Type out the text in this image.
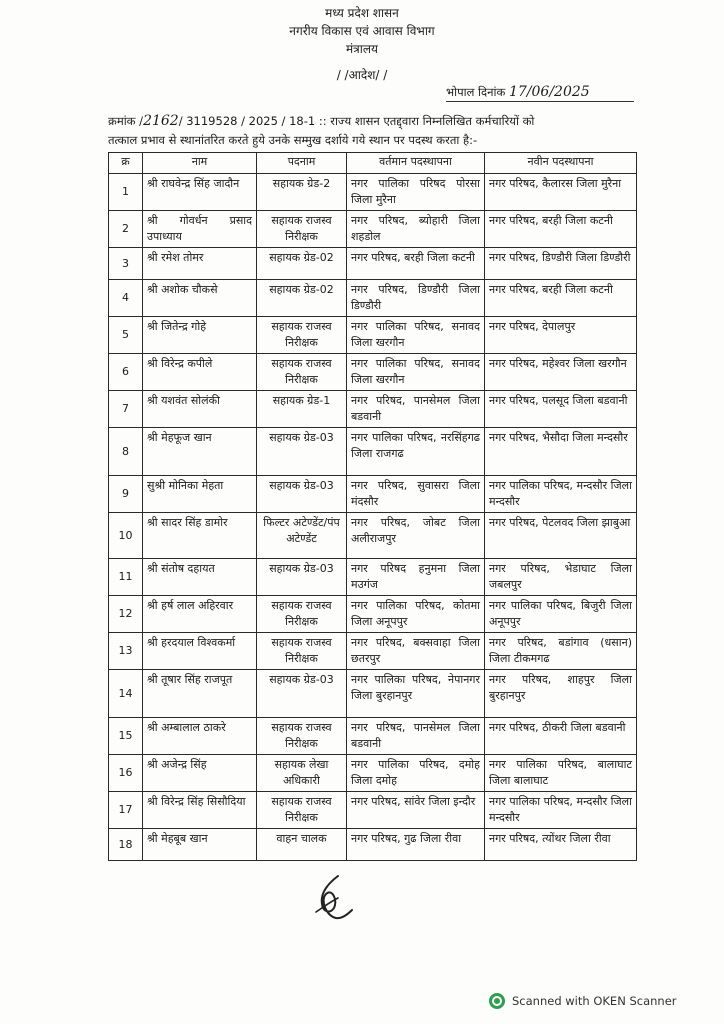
मध्य प्रदेश शासन
नगरीय विकास एवं आवास विभाग
मंत्रालय
/ /आदेश/ /
भोपाल दिनांक 17/06/2025
क्रमांक /2162/ 3119528 / 2025 / 18-1 :: राज्य शासन एतद्द्वारा निम्नलिखित कर्मचारियों को
तत्काल प्रभाव से स्थानांतरित करते हुये उनके सम्मुख दर्शाये गये स्थान पर पदस्थ करता है:-
क्र	नाम	पदनाम	वर्तमान पदस्थापना	नवीन पदस्थापना
1	श्री राघवेन्द्र सिंह जादौन	सहायक ग्रेड-2	नगर पालिका परिषद पोरसा जिला मुरैना	नगर परिषद, कैलारस जिला मुरैना
2	श्री गोवर्धन प्रसाद उपाध्याय	सहायक राजस्व निरीक्षक	नगर परिषद, ब्योहारी जिला शहडोल	नगर परिषद, बरही जिला कटनी
3	श्री रमेश तोमर	सहायक ग्रेड-02	नगर परिषद, बरही जिला कटनी	नगर परिषद, डिण्डौरी जिला डिण्डौरी
4	श्री अशोक चौकसे	सहायक ग्रेड-02	नगर परिषद, डिण्डौरी जिला डिण्डौरी	नगर परिषद, बरही जिला कटनी
5	श्री जितेन्द्र गोहे	सहायक राजस्व निरीक्षक	नगर पालिका परिषद, सनावद जिला खरगौन	नगर परिषद, देपालपुर
6	श्री विरेन्द्र कपीले	सहायक राजस्व निरीक्षक	नगर पालिका परिषद, सनावद जिला खरगौन	नगर परिषद, महेश्वर जिला खरगौन
7	श्री यशवंत सोलंकी	सहायक ग्रेड-1	नगर परिषद, पानसेमल जिला बडवानी	नगर परिषद, पलसूद जिला बडवानी
8	श्री मेहफूज खान	सहायक ग्रेड-03	नगर पालिका परिषद, नरसिंहगढ जिला राजगढ	नगर परिषद, भैसौदा जिला मन्दसौर
9	सुश्री मोनिका मेहता	सहायक ग्रेड-03	नगर परिषद, सुवासरा जिला मंदसौर	नगर पालिका परिषद, मन्दसौर जिला मन्दसौर
10	श्री सादर सिंह डामोर	फिल्टर अटेण्डेंट/पंप अटेण्डेंट	नगर परिषद, जोबट जिला अलीराजपुर	नगर परिषद, पेटलवद जिला झाबुआ
11	श्री संतोष दहायत	सहायक ग्रेड-03	नगर परिषद हनुमना जिला मउगंज	नगर परिषद, भेडाघाट जिला जबलपुर
12	श्री हर्ष लाल अहिरवार	सहायक राजस्व निरीक्षक	नगर पालिका परिषद, कोतमा जिला अनूपपुर	नगर पालिका परिषद, बिजुरी जिला अनूपपुर
13	श्री हरदयाल विश्वकर्मा	सहायक राजस्व निरीक्षक	नगर परिषद, बक्सवाहा जिला छतरपुर	नगर परिषद, बडांगाव (धसान) जिला टीकमगढ
14	श्री तूषार सिंह राजपूत	सहायक ग्रेड-03	नगर पालिका परिषद, नेपानगर जिला बुरहानपुर	नगर परिषद, शाहपुर जिला बुरहानपुर
15	श्री अम्बालाल ठाकरे	सहायक राजस्व निरीक्षक	नगर परिषद, पानसेमल जिला बडवानी	नगर परिषद, ठीकरी जिला बडवानी
16	श्री अजेन्द्र सिंह	सहायक लेखा अधिकारी	नगर पालिका परिषद, दमोह जिला दमोह	नगर पालिका परिषद, बालाघाट जिला बालाघाट
17	श्री विरेन्द्र सिंह सिसौदिया	सहायक राजस्व निरीक्षक	नगर परिषद, सांवेर जिला इन्दौर	नगर पालिका परिषद, मन्दसौर जिला मन्दसौर
18	श्री मेहबूब खान	वाहन चालक	नगर परिषद, गुढ जिला रीवा	नगर परिषद, त्योंथर जिला रीवा
Scanned with OKEN Scanner
